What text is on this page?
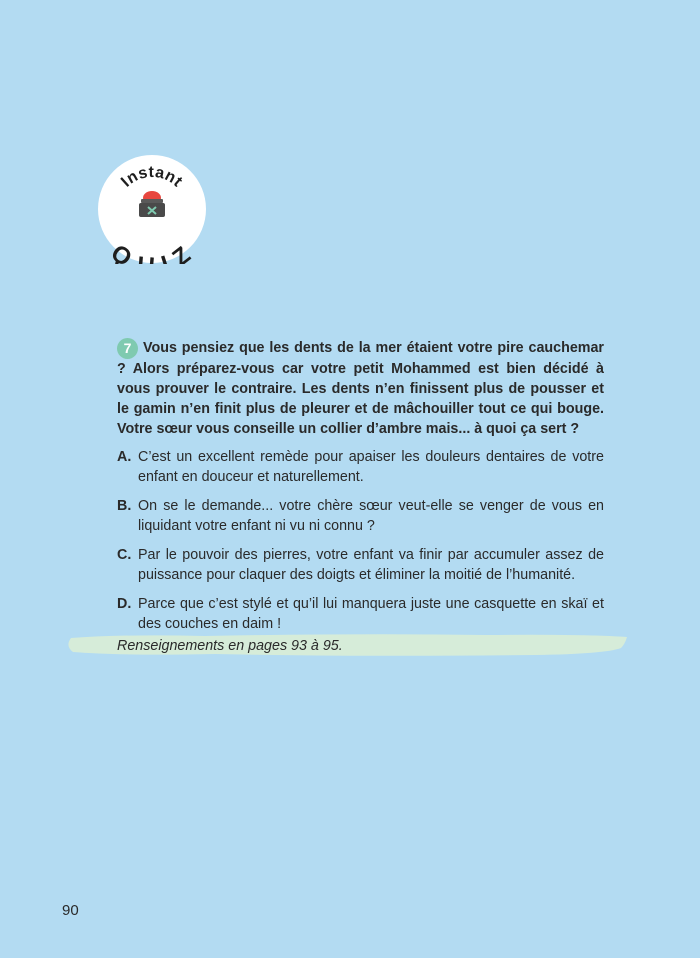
Instant
Q IZ

7 Vous pensiez que les dents de la mer étaient votre pire cauchemar ? Alors préparez-vous car votre petit Mohammed est bien décidé à vous prouver le contraire. Les dents n’en finissent plus de pousser et le gamin n’en finit plus de pleurer et de mâchouiller tout ce qui bouge. Votre sœur vous conseille un collier d’ambre mais... à quoi ça sert ?

A. C’est un excellent remède pour apaiser les douleurs dentaires de votre enfant en douceur et naturellement.
B. On se le demande... votre chère sœur veut-elle se venger de vous en liquidant votre enfant ni vu ni connu ?
C. Par le pouvoir des pierres, votre enfant va finir par accumuler assez de puissance pour claquer des doigts et éliminer la moitié de l’humanité.
D. Parce que c’est stylé et qu’il lui manquera juste une casquette en skaï et des couches en daim !
Renseignements en pages 93 à 95.
90
